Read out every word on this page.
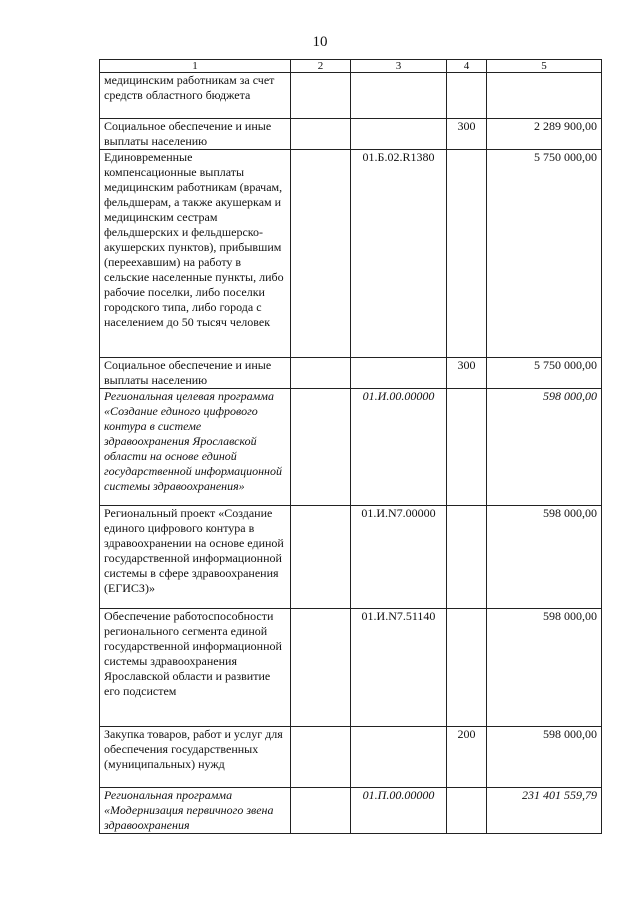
10
1	2	3	4	5
медицинским работникам за счет средств областного бюджета				
Социальное обеспечение и иные выплаты населению			300	2 289 900,00
Единовременные компенсационные выплаты медицинским работникам (врачам, фельдшерам, а также акушеркам и медицинским сестрам фельдшерских и фельдшерско-акушерских пунктов), прибывшим (переехавшим) на работу в сельские населенные пункты, либо рабочие поселки, либо поселки городского типа, либо города с населением до 50 тысяч человек		01.Б.02.R1380		5 750 000,00
Социальное обеспечение и иные выплаты населению			300	5 750 000,00
Региональная целевая программа «Создание единого цифрового контура в системе здравоохранения Ярославской области на основе единой государственной информационной системы здравоохранения»		01.И.00.00000		598 000,00
Региональный проект «Создание единого цифрового контура в здравоохранении на основе единой государственной информационной системы в сфере здравоохранения (ЕГИСЗ)»		01.И.N7.00000		598 000,00
Обеспечение работоспособности регионального сегмента единой государственной информационной системы здравоохранения Ярославской области и развитие его подсистем		01.И.N7.51140		598 000,00
Закупка товаров, работ и услуг для обеспечения государственных (муниципальных) нужд			200	598 000,00
Региональная программа «Модернизация первичного звена здравоохранения		01.П.00.00000		231 401 559,79
